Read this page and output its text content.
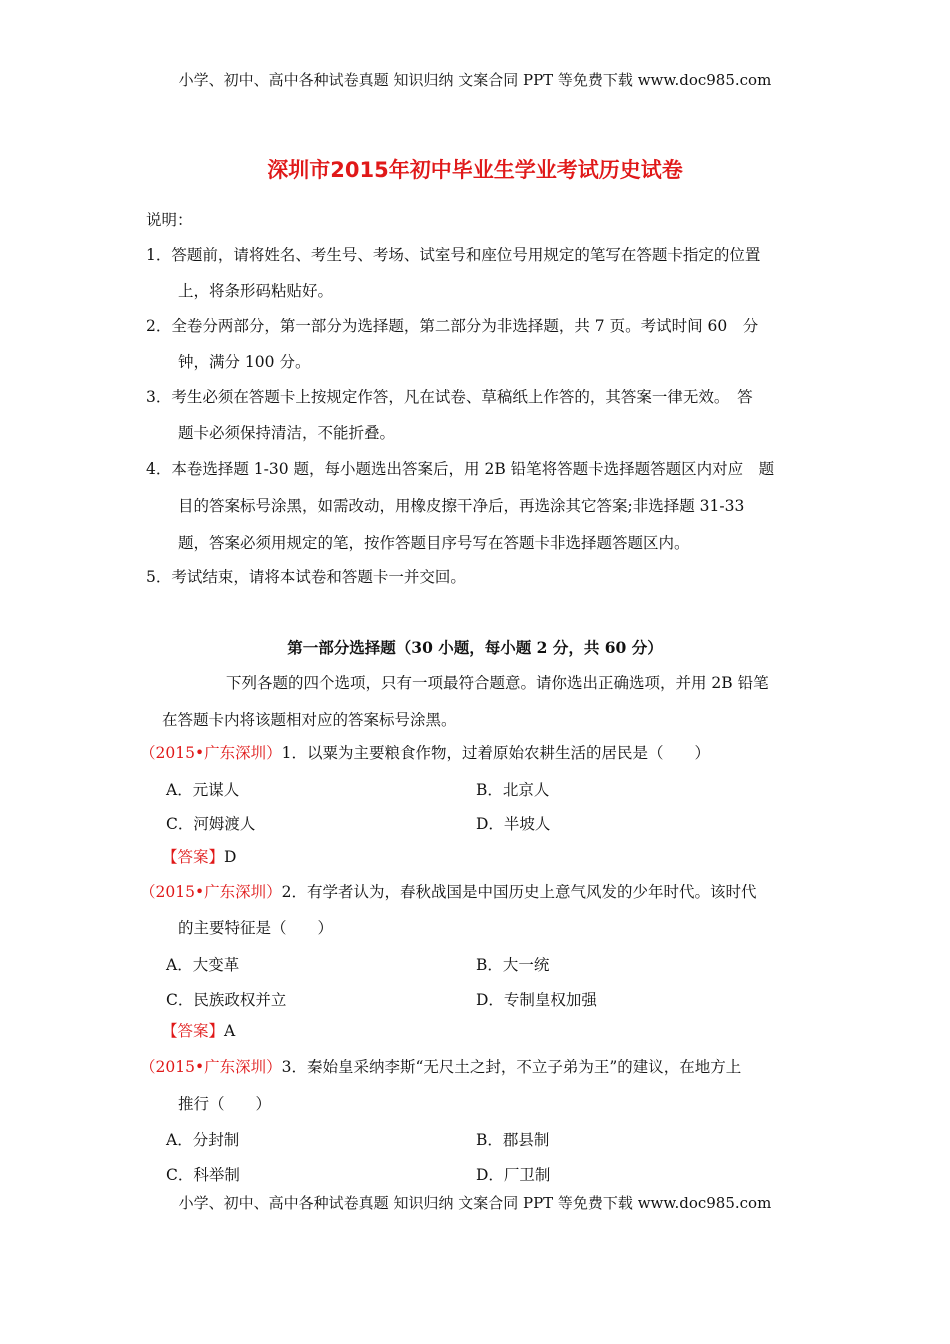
小学、初中、高中各种试卷真题 知识归纳 文案合同 PPT 等免费下载 www.doc985.com
深圳市2015年初中毕业生学业考试历史试卷
说明：
1．答题前，请将姓名、考生号、考场、试室号和座位号用规定的笔写在答题卡指定的位置
上，将条形码粘贴好。
2．全卷分两部分，第一部分为选择题，第二部分为非选择题，共 7 页。考试时间 60　分
钟，满分 100 分。
3．考生必须在答题卡上按规定作答，凡在试卷、草稿纸上作答的，其答案一律无效。　答
题卡必须保持清洁，不能折叠。
4．本卷选择题 1-30 题，每小题选出答案后，用 2B 铅笔将答题卡选择题答题区内对应　题
目的答案标号涂黑，如需改动，用橡皮擦干净后，再选涂其它答案;非选择题 31-33
题，答案必须用规定的笔，按作答题目序号写在答题卡非选择题答题区内。
5．考试结束，请将本试卷和答题卡一并交回。
第一部分选择题（30 小题，每小题 2 分，共 60 分）
下列各题的四个选项，只有一项最符合题意。请你选出正确选项，并用 2B 铅笔
在答题卡内将该题相对应的答案标号涂黑。
（2015•广东深圳）1．以粟为主要粮食作物，过着原始农耕生活的居民是（　　）
A．元谋人	B．北京人
C．河姆渡人	D．半坡人
【答案】D
（2015•广东深圳）2．有学者认为，春秋战国是中国历史上意气风发的少年时代。该时代
的主要特征是（　　）
A．大变革	B．大一统
C．民族政权并立	D．专制皇权加强
【答案】A
（2015•广东深圳）3．秦始皇采纳李斯“无尺土之封，不立子弟为王”的建议，在地方上
推行（　　）
A．分封制	B．郡县制
C．科举制	D．厂卫制
小学、初中、高中各种试卷真题 知识归纳 文案合同 PPT 等免费下载 www.doc985.com
